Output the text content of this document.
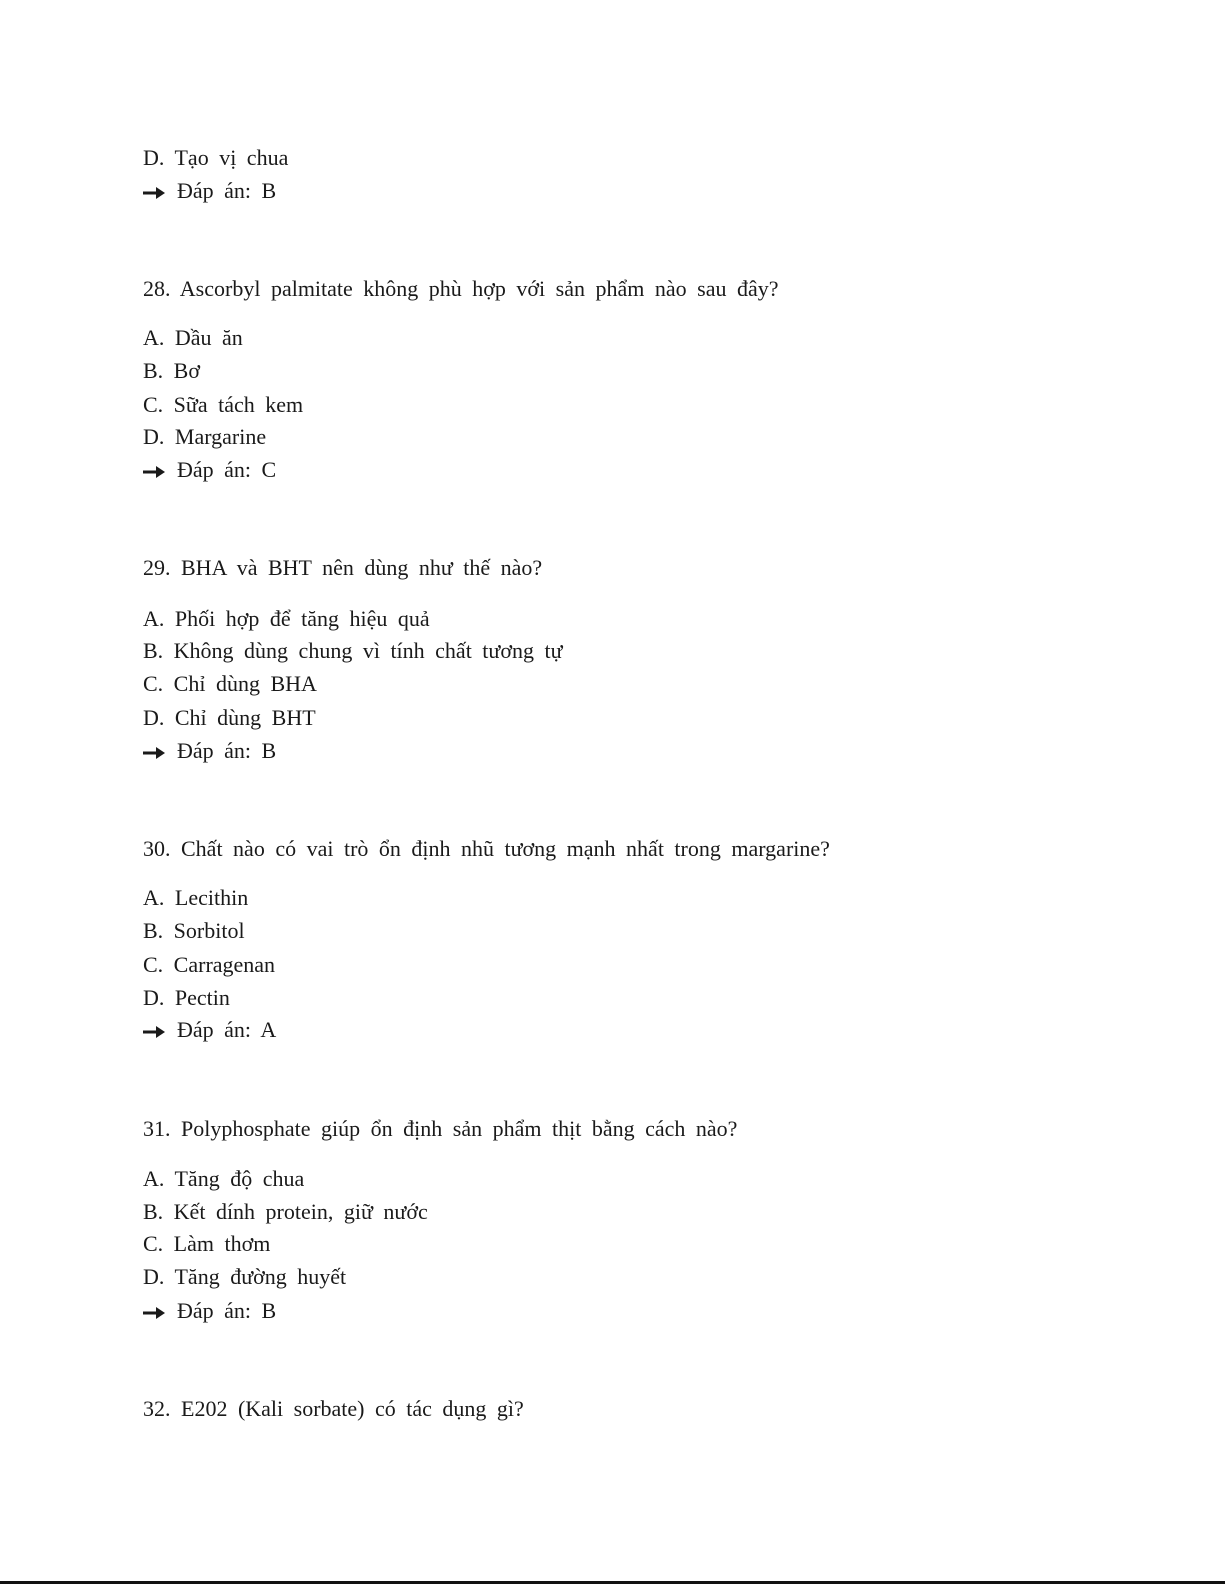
D. Tạo vị chua
Đáp án: B
28. Ascorbyl palmitate không phù hợp với sản phẩm nào sau đây?
A. Dầu ăn
B. Bơ
C. Sữa tách kem
D. Margarine
Đáp án: C
29. BHA và BHT nên dùng như thế nào?
A. Phối hợp để tăng hiệu quả
B. Không dùng chung vì tính chất tương tự
C. Chỉ dùng BHA
D. Chỉ dùng BHT
Đáp án: B
30. Chất nào có vai trò ổn định nhũ tương mạnh nhất trong margarine?
A. Lecithin
B. Sorbitol
C. Carragenan
D. Pectin
Đáp án: A
31. Polyphosphate giúp ổn định sản phẩm thịt bằng cách nào?
A. Tăng độ chua
B. Kết dính protein, giữ nước
C. Làm thơm
D. Tăng đường huyết
Đáp án: B
32. E202 (Kali sorbate) có tác dụng gì?
